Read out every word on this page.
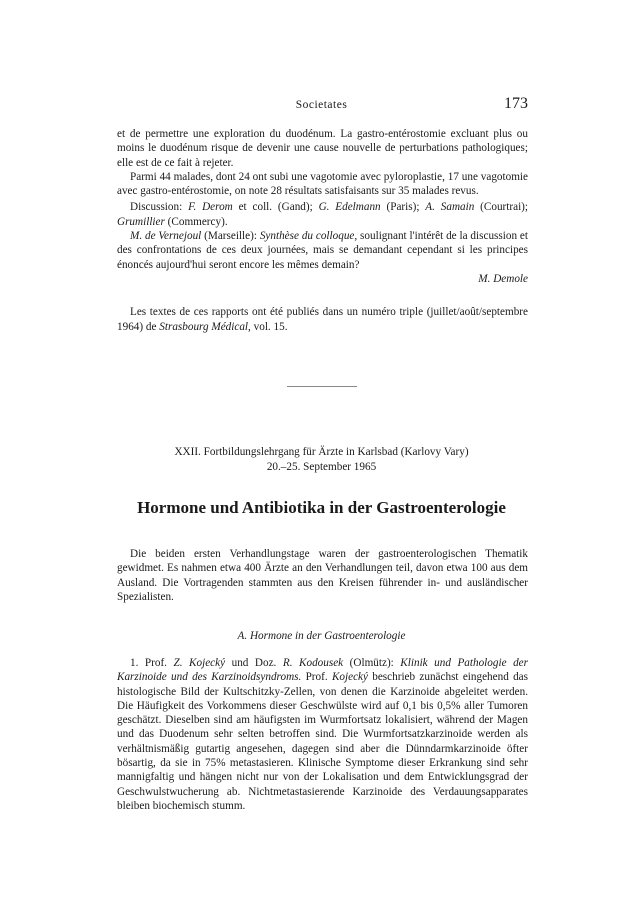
Societates	173

et de permettre une exploration du duodénum. La gastro-entérostomie excluant plus ou moins le duodénum risque de devenir une cause nouvelle de perturbations pathologiques; elle est de ce fait à rejeter.

Parmi 44 malades, dont 24 ont subi une vagotomie avec pyloroplastie, 17 une vagotomie avec gastro-entérostomie, on note 28 résultats satisfaisants sur 35 malades revus.

Discussion: F. Derom et coll. (Gand); G. Edelmann (Paris); A. Samain (Courtrai); Grumillier (Commercy).

M. de Vernejoul (Marseille): Synthèse du colloque, soulignant l'intérêt de la discussion et des confrontations de ces deux journées, mais se demandant cependant si les principes énoncés aujourd'hui seront encore les mêmes demain?

M. Demole

Les textes de ces rapports ont été publiés dans un numéro triple (juillet/août/septembre 1964) de Strasbourg Médical, vol. 15.

XXII. Fortbildungslehrgang für Ärzte in Karlsbad (Karlovy Vary)
20.–25. September 1965
Hormone und Antibiotika in der Gastroenterologie

Die beiden ersten Verhandlungstage waren der gastroenterologischen Thematik gewidmet. Es nahmen etwa 400 Ärzte an den Verhandlungen teil, davon etwa 100 aus dem Ausland. Die Vortragenden stammten aus den Kreisen führender in- und ausländischer Spezialisten.

A. Hormone in der Gastroenterologie

1. Prof. Z. Kojecký und Doz. R. Kodousek (Olmütz): Klinik und Pathologie der Karzinoide und des Karzinoidsyndroms. Prof. Kojecký beschrieb zunächst eingehend das histologische Bild der Kultschitzky-Zellen, von denen die Karzinoide abgeleitet werden. Die Häufigkeit des Vorkommens dieser Geschwülste wird auf 0,1 bis 0,5% aller Tumoren geschätzt. Dieselben sind am häufigsten im Wurmfortsatz lokalisiert, während der Magen und das Duodenum sehr selten betroffen sind. Die Wurmfortsatzkarzinoide werden als verhältnismäßig gutartig angesehen, dagegen sind aber die Dünndarmkarzinoide öfter bösartig, da sie in 75% metastasieren. Klinische Symptome dieser Erkrankung sind sehr mannigfaltig und hängen nicht nur von der Lokalisation und dem Entwicklungsgrad der Geschwulstwucherung ab. Nichtmetastasierende Karzinoide des Verdauungsapparates bleiben biochemisch stumm.
